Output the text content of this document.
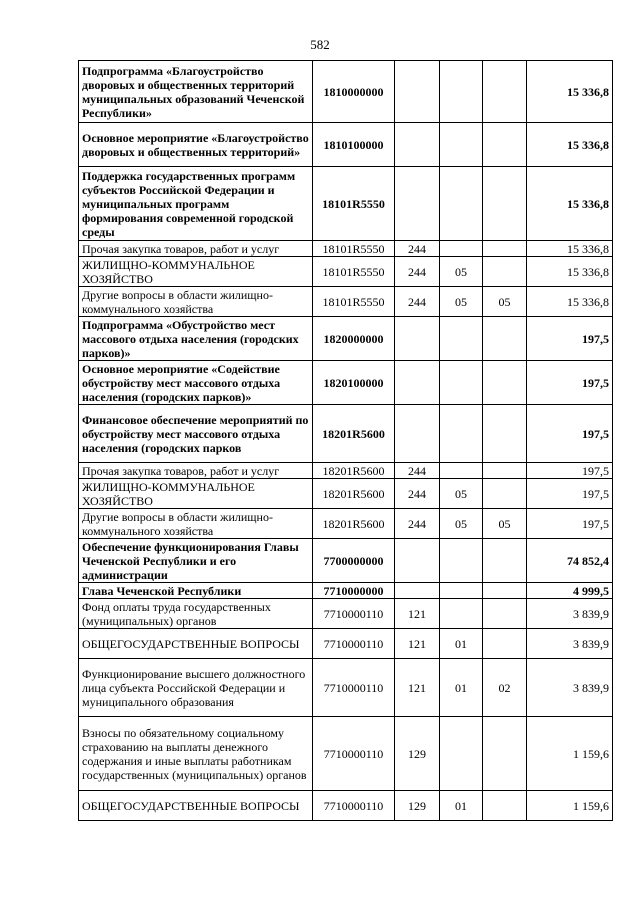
582
Подпрограмма «Благоустройство дворовых и общественных территорий муниципальных образований Чеченской Республики»	1810000000				15 336,8
Основное мероприятие «Благоустройство дворовых и общественных территорий»	1810100000				15 336,8
Поддержка государственных программ субъектов Российской Федерации и муниципальных программ формирования современной городской среды	18101R5550				15 336,8
Прочая закупка товаров, работ и услуг	18101R5550	244			15 336,8
ЖИЛИЩНО-КОММУНАЛЬНОЕ ХОЗЯЙСТВО	18101R5550	244	05		15 336,8
Другие вопросы в области жилищно-коммунального хозяйства	18101R5550	244	05	05	15 336,8
Подпрограмма «Обустройство мест массового отдыха населения (городских парков)»	1820000000				197,5
Основное мероприятие «Содействие обустройству мест массового отдыха населения (городских парков)»	1820100000				197,5
Финансовое обеспечение мероприятий по обустройству мест массового отдыха населения (городских парков	18201R5600				197,5
Прочая закупка товаров, работ и услуг	18201R5600	244			197,5
ЖИЛИЩНО-КОММУНАЛЬНОЕ ХОЗЯЙСТВО	18201R5600	244	05		197,5
Другие вопросы в области жилищно-коммунального хозяйства	18201R5600	244	05	05	197,5
Обеспечение функционирования Главы Чеченской Республики и его администрации	7700000000				74 852,4
Глава Чеченской Республики	7710000000				4 999,5
Фонд оплаты труда государственных (муниципальных) органов	7710000110	121			3 839,9
ОБЩЕГОСУДАРСТВЕННЫЕ ВОПРОСЫ	7710000110	121	01		3 839,9
Функционирование высшего должностного лица субъекта Российской Федерации и муниципального образования	7710000110	121	01	02	3 839,9
Взносы по обязательному социальному страхованию на выплаты денежного содержания и иные выплаты работникам государственных (муниципальных) органов	7710000110	129			1 159,6
ОБЩЕГОСУДАРСТВЕННЫЕ ВОПРОСЫ	7710000110	129	01		1 159,6
